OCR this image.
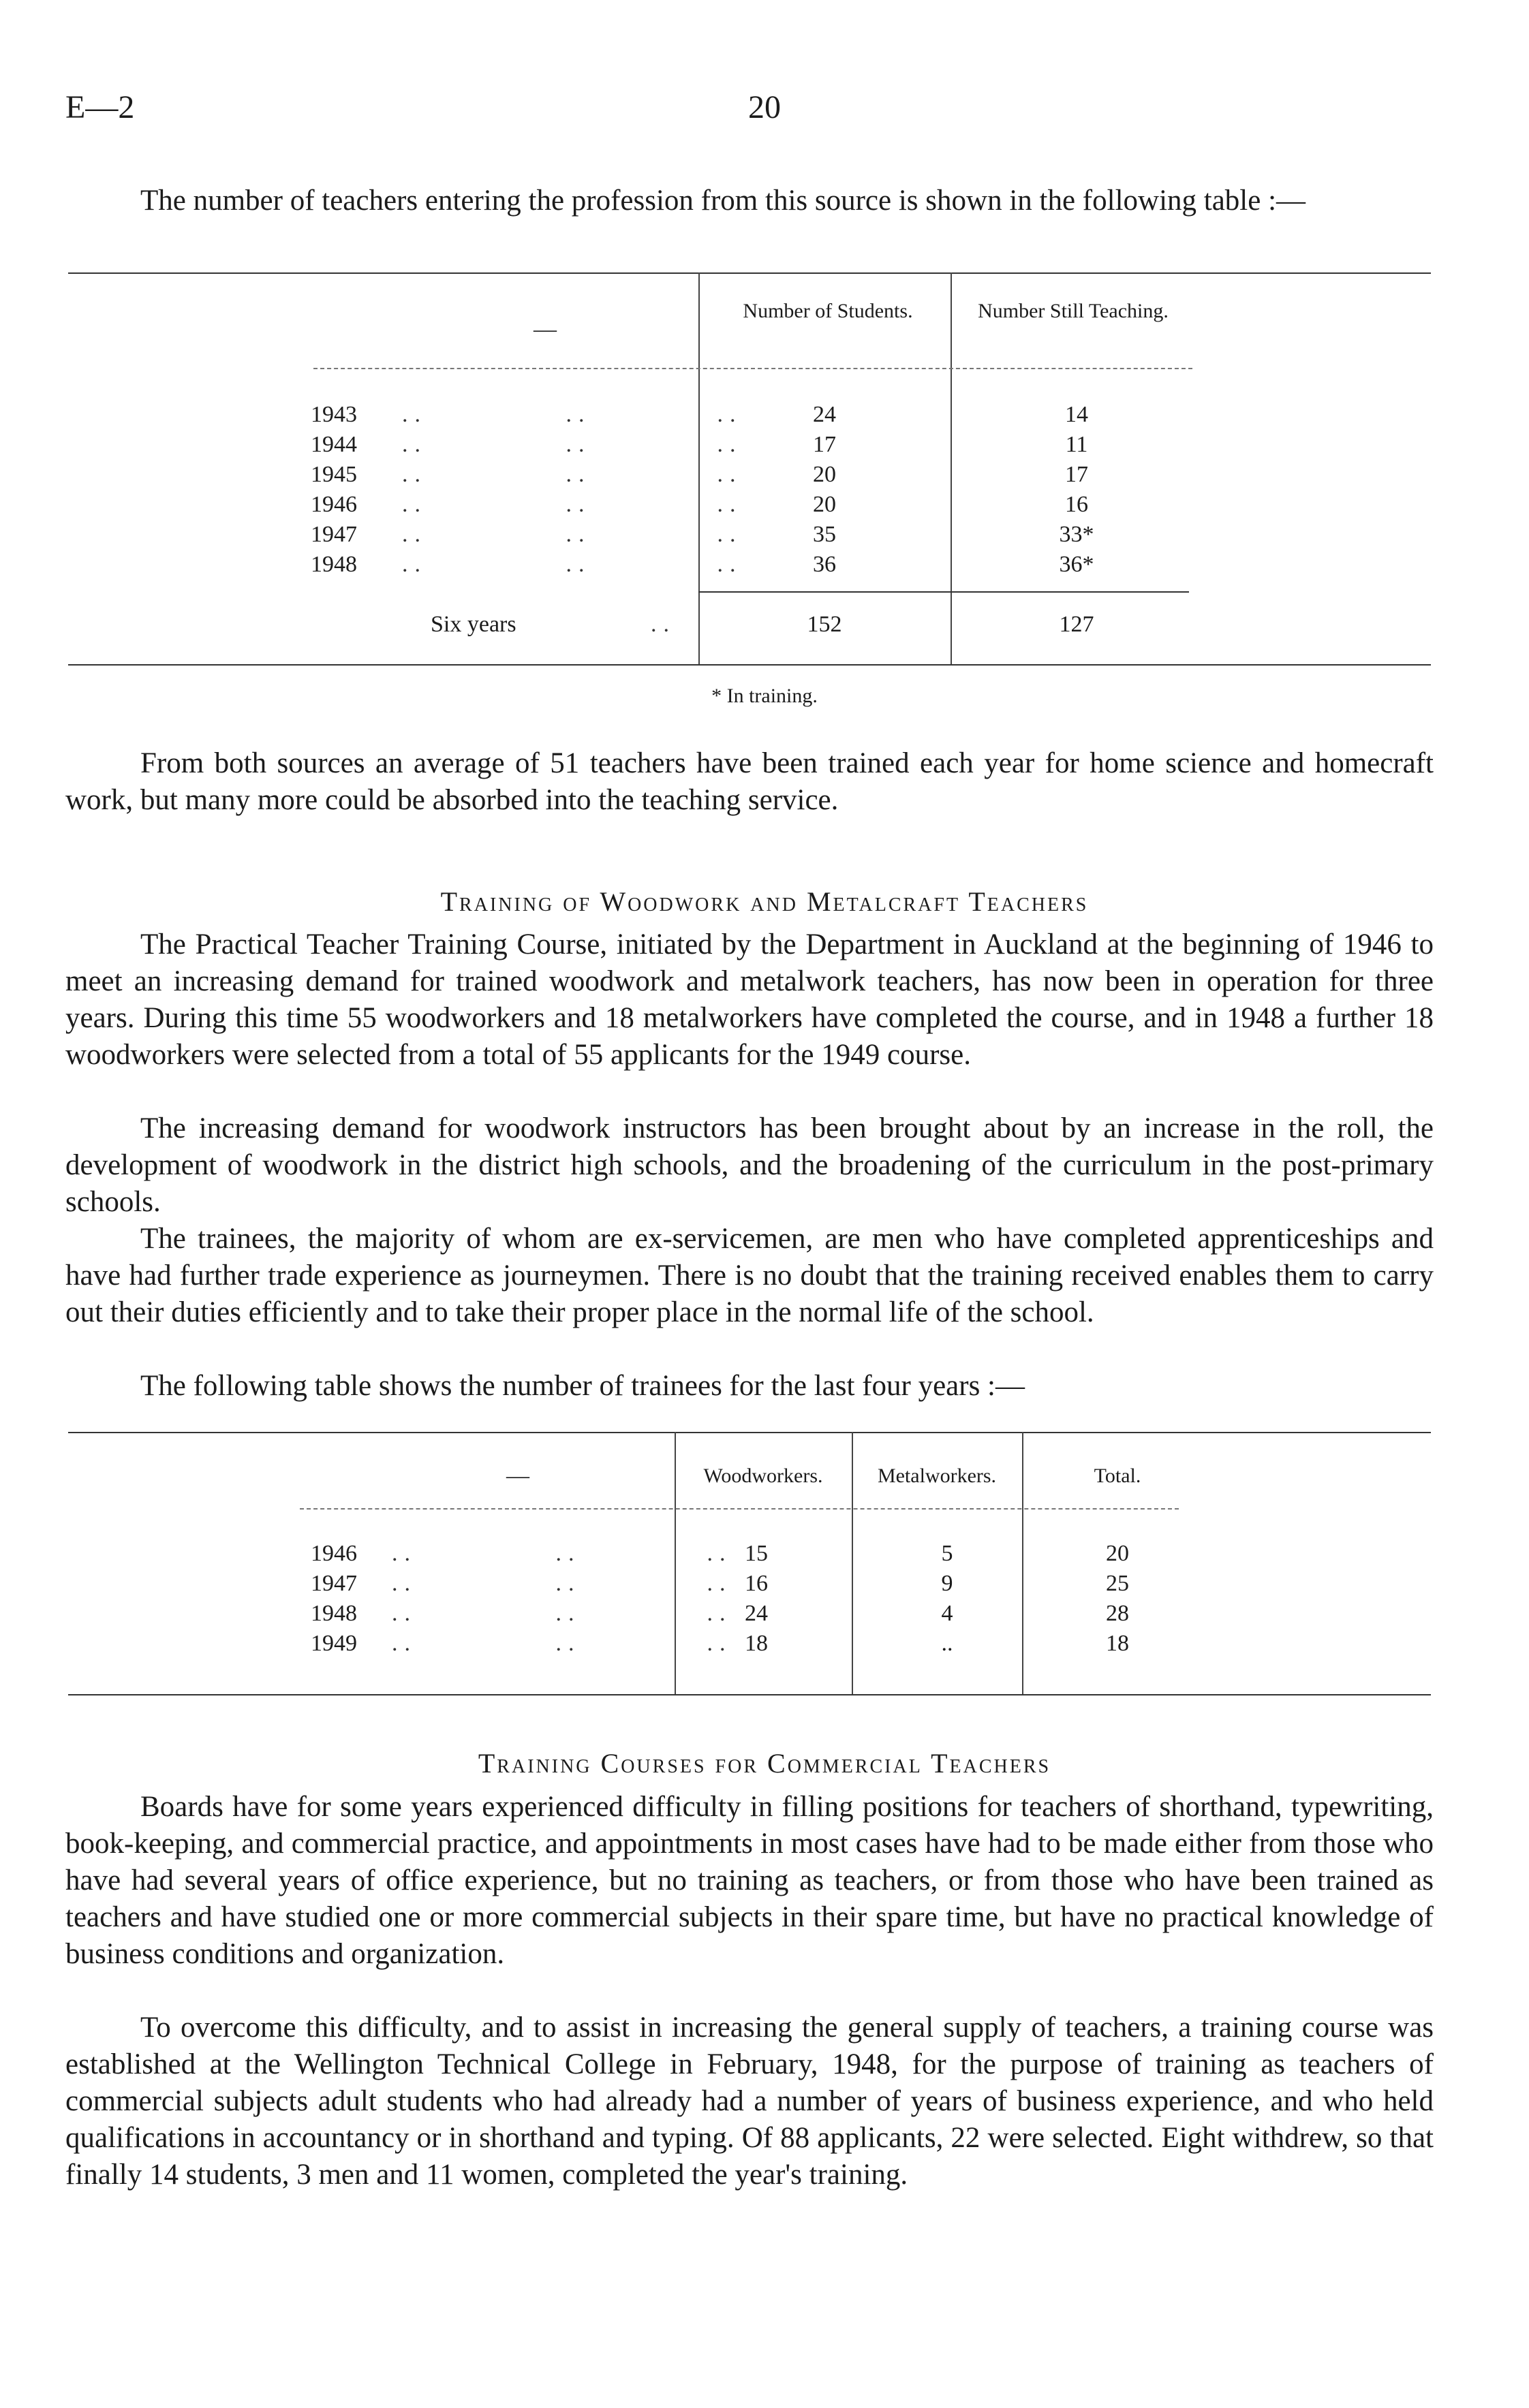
E—2	20

The number of teachers entering the profession from this source is shown in the following table :—

—
Number of Students.	Number Still Teaching.
1943 ..           ..          ..	24	14
1944 ..           ..          ..	17	11
1945 ..           ..          ..	20	17
1946 ..           ..          ..	20	16
1947 ..           ..          ..	35	33*
1948 ..           ..          ..	36	36*
Six years	..	152	127
* In training.

From both sources an average of 51 teachers have been trained each year for home science and homecraft work, but many more could be absorbed into the teaching service.

Training of Woodwork and Metalcraft Teachers

The Practical Teacher Training Course, initiated by the Department in Auckland at the beginning of 1946 to meet an increasing demand for trained woodwork and metalwork teachers, has now been in operation for three years. During this time 55 woodworkers and 18 metalworkers have completed the course, and in 1948 a further 18 woodworkers were selected from a total of 55 applicants for the 1949 course.

The increasing demand for woodwork instructors has been brought about by an increase in the roll, the development of woodwork in the district high schools, and the broadening of the curriculum in the post-primary schools.

The trainees, the majority of whom are ex-servicemen, are men who have completed apprenticeships and have had further trade experience as journeymen. There is no doubt that the training received enables them to carry out their duties efficiently and to take their proper place in the normal life of the school.

The following table shows the number of trainees for the last four years :—

—	Woodworkers.	Metalworkers.	Total.
1946 ..           ..          .. 15	5	20
1947 ..           ..          .. 16	9	25
1948 ..           ..          .. 24	4	28
1949 ..           ..          .. 18	..	18
Training Courses for Commercial Teachers

Boards have for some years experienced difficulty in filling positions for teachers of shorthand, typewriting, book-keeping, and commercial practice, and appointments in most cases have had to be made either from those who have had several years of office experience, but no training as teachers, or from those who have been trained as teachers and have studied one or more commercial subjects in their spare time, but have no practical knowledge of business conditions and organization.

To overcome this difficulty, and to assist in increasing the general supply of teachers, a training course was established at the Wellington Technical College in February, 1948, for the purpose of training as teachers of commercial subjects adult students who had already had a number of years of business experience, and who held qualifications in accountancy or in shorthand and typing. Of 88 applicants, 22 were selected. Eight withdrew, so that finally 14 students, 3 men and 11 women, completed the year's training.
